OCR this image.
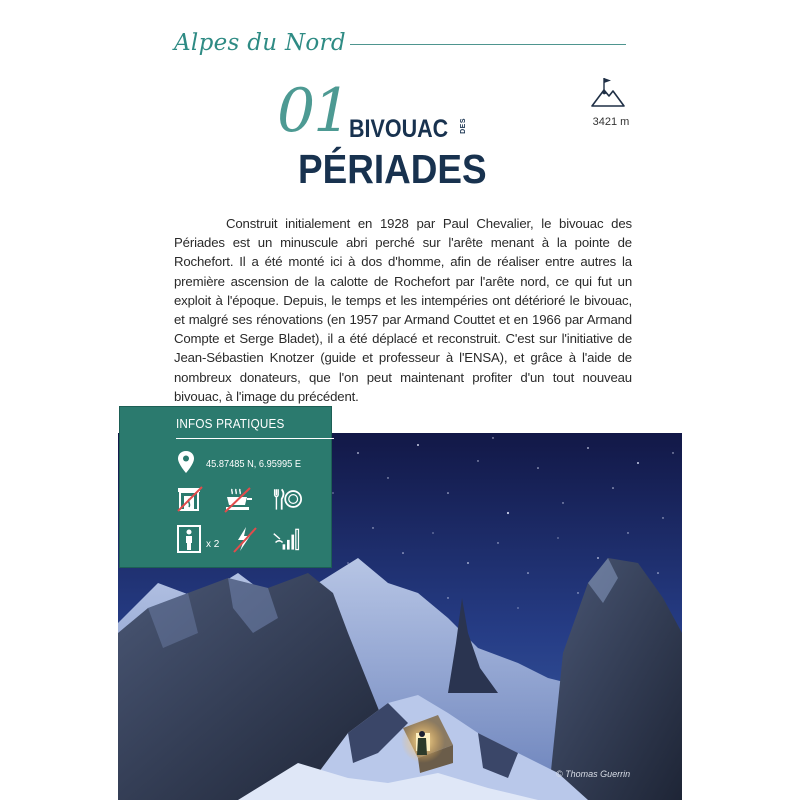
Alpes du Nord
3421 m
01 BIVOUAC DES
PÉRIADES

Construit initialement en 1928 par Paul Chevalier, le bivouac des Périades est un minuscule abri perché sur l'arête menant à la pointe de Rochefort. Il a été monté ici à dos d'homme, afin de réaliser entre autres la première ascension de la calotte de Rochefort par l'arête nord, ce qui fut un exploit à l'époque. Depuis, le temps et les intempéries ont détérioré le bivouac, et malgré ses rénovations (en 1957 par Armand Couttet et en 1966 par Armand Compte et Serge Bladet), il a été déplacé et reconstruit. C'est sur l'initiative de Jean-Sébastien Knotzer (guide et professeur à l'ENSA), et grâce à l'aide de nombreux donateurs, que l'on peut maintenant profiter d'un tout nouveau bivouac, à l'image du précédent.

© Thomas Guerrin
INFOS PRATIQUES
45.87485 N, 6.95995 E
x 2
